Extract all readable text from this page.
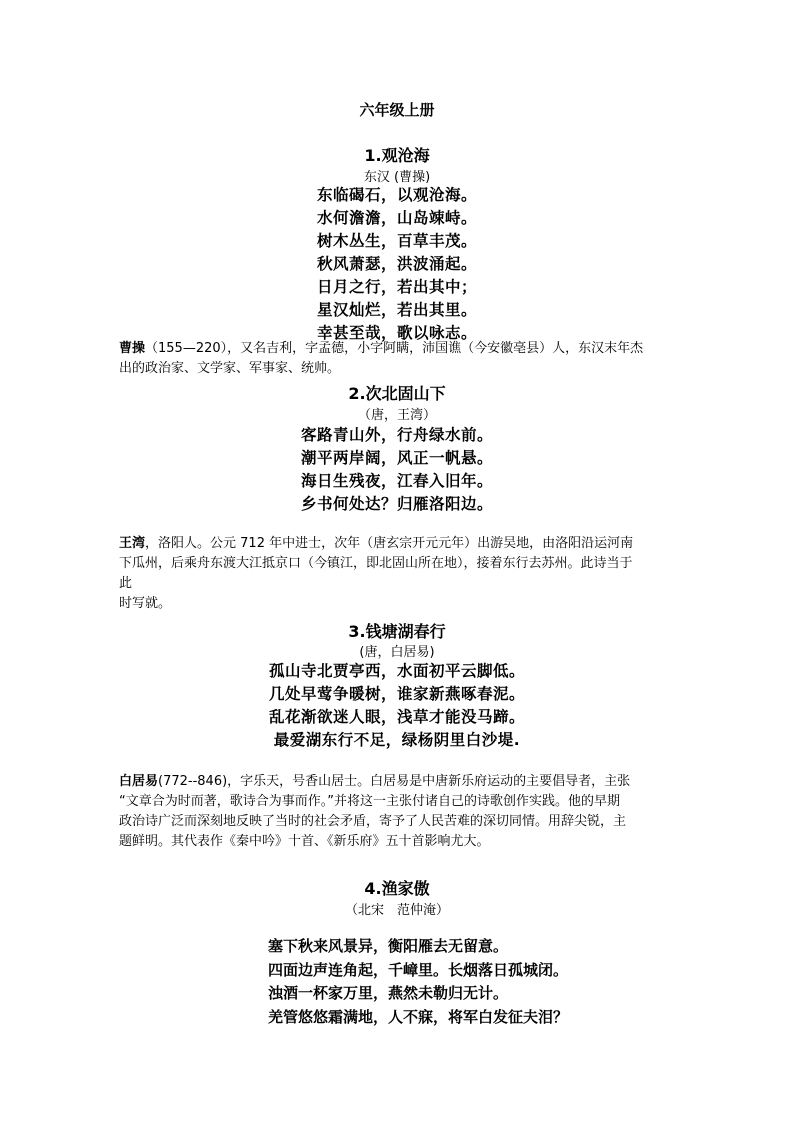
六年级上册
1.观沧海
东汉 (曹操)
东临碣石，以观沧海。
水何澹澹，山岛竦峙。
树木丛生，百草丰茂。
秋风萧瑟，洪波涌起。
日月之行，若出其中；
星汉灿烂，若出其里。
幸甚至哉，歌以咏志。
曹操（155—220），又名吉利，字孟德，小字阿瞒，沛国谯（今安徽亳县）人，东汉末年杰
出的政治家、文学家、军事家、统帅。
2.次北固山下
（唐，王湾）
客路青山外，行舟绿水前。
潮平两岸阔，风正一帆悬。
海日生残夜，江春入旧年。
乡书何处达？归雁洛阳边。
王湾，洛阳人。公元 712 年中进士，次年（唐玄宗开元元年）出游吴地，由洛阳沿运河南
下瓜州，后乘舟东渡大江抵京口（今镇江，即北固山所在地），接着东行去苏州。此诗当于
此
时写就。
3.钱塘湖春行
(唐，白居易)
孤山寺北贾亭西，水面初平云脚低。
几处早莺争暖树，谁家新燕啄春泥。
乱花渐欲迷人眼，浅草才能没马蹄。
最爱湖东行不足，绿杨阴里白沙堤.
白居易(772--846)，字乐天，号香山居士。白居易是中唐新乐府运动的主要倡导者，主张
“文章合为时而著，歌诗合为事而作。”并将这一主张付诸自己的诗歌创作实践。他的早期
政治诗广泛而深刻地反映了当时的社会矛盾，寄予了人民苦难的深切同情。用辞尖锐，主
题鲜明。其代表作《秦中吟》十首、《新乐府》五十首影响尤大。
4.渔家傲
（北宋　范仲淹）
塞下秋来风景异，衡阳雁去无留意。
四面边声连角起，千嶂里。长烟落日孤城闭。
浊酒一杯家万里，燕然未勒归无计。
羌管悠悠霜满地，人不寐，将军白发征夫泪？
